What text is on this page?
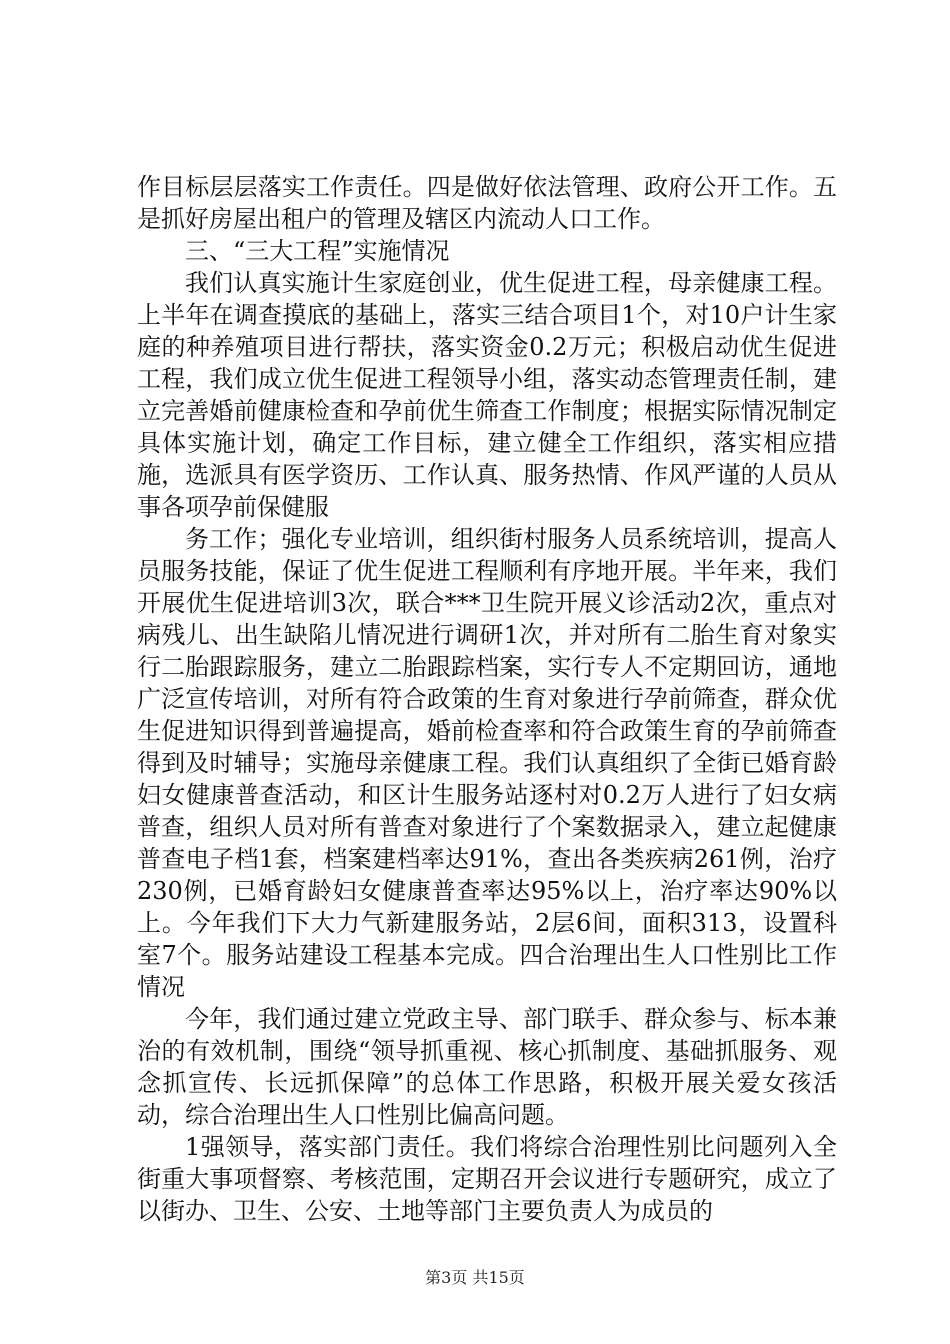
作目标层层落实工作责任。四是做好依法管理、政府公开工作。五是抓好房屋出租户的管理及辖区内流动人口工作。

三、“三大工程”实施情况

我们认真实施计生家庭创业，优生促进工程，母亲健康工程。上半年在调查摸底的基础上，落实三结合项目1个，对10户计生家庭的种养殖项目进行帮扶，落实资金0.2万元；积极启动优生促进工程，我们成立优生促进工程领导小组，落实动态管理责任制，建立完善婚前健康检查和孕前优生筛查工作制度；根据实际情况制定具体实施计划，确定工作目标，建立健全工作组织，落实相应措施，选派具有医学资历、工作认真、服务热情、作风严谨的人员从事各项孕前保健服

务工作；强化专业培训，组织街村服务人员系统培训，提高人员服务技能，保证了优生促进工程顺利有序地开展。半年来，我们开展优生促进培训3次，联合***卫生院开展义诊活动2次，重点对病残儿、出生缺陷儿情况进行调研1次，并对所有二胎生育对象实行二胎跟踪服务，建立二胎跟踪档案，实行专人不定期回访，通地广泛宣传培训，对所有符合政策的生育对象进行孕前筛查，群众优生促进知识得到普遍提高，婚前检查率和符合政策生育的孕前筛查得到及时辅导；实施母亲健康工程。我们认真组织了全街已婚育龄妇女健康普查活动，和区计生服务站逐村对0.2万人进行了妇女病普查，组织人员对所有普查对象进行了个案数据录入，建立起健康普查电子档1套，档案建档率达91%，查出各类疾病261例，治疗230例，已婚育龄妇女健康普查率达95%以上，治疗率达90%以上。今年我们下大力气新建服务站，2层6间，面积313，设置科室7个。服务站建设工程基本完成。四合治理出生人口性别比工作情况

今年，我们通过建立党政主导、部门联手、群众参与、标本兼治的有效机制，围绕“领导抓重视、核心抓制度、基础抓服务、观念抓宣传、长远抓保障”的总体工作思路，积极开展关爱女孩活动，综合治理出生人口性别比偏高问题。

1强领导，落实部门责任。我们将综合治理性别比问题列入全街重大事项督察、考核范围，定期召开会议进行专题研究，成立了以街办、卫生、公安、土地等部门主要负责人为成员的

第3页 共15页
